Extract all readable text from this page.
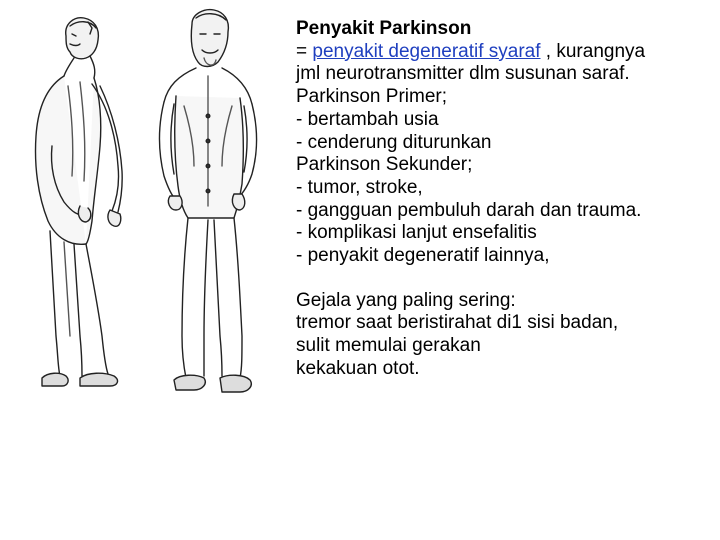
Penyakit Parkinson
= penyakit degeneratif syaraf , kurangnya
jml neurotransmitter dlm susunan saraf.
Parkinson Primer;
- bertambah usia
- cenderung diturunkan
Parkinson Sekunder;
- tumor, stroke,
- gangguan pembuluh darah dan trauma.
- komplikasi lanjut ensefalitis
- penyakit degeneratif lainnya,
Gejala yang paling sering:
tremor saat beristirahat di1 sisi badan,
sulit memulai gerakan
kekakuan otot.
